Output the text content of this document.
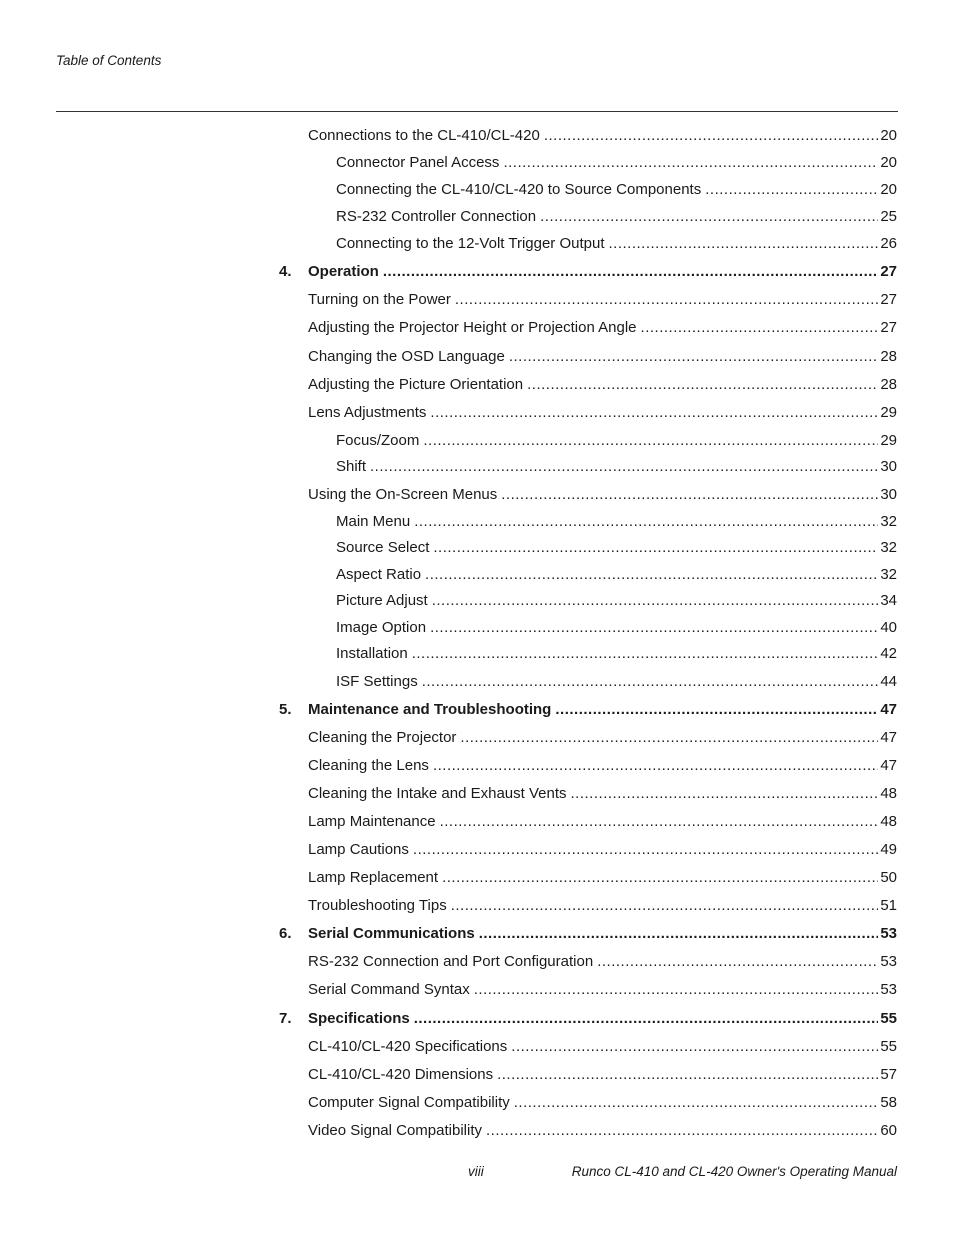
Table of Contents
Connections to the CL-410/CL-420 .....	20
Connector Panel Access .....	20
Connecting the CL-410/CL-420 to Source Components .....	20
RS-232 Controller Connection .....	25
Connecting to the 12-Volt Trigger Output .....	26
4. Operation .....	27
Turning on the Power .....	27
Adjusting the Projector Height or Projection Angle .....	27
Changing the OSD Language .....	28
Adjusting the Picture Orientation .....	28
Lens Adjustments .....	29
Focus/Zoom .....	29
Shift .....	30
Using the On-Screen Menus .....	30
Main Menu .....	32
Source Select .....	32
Aspect Ratio .....	32
Picture Adjust .....	34
Image Option .....	40
Installation .....	42
ISF Settings .....	44
5. Maintenance and Troubleshooting .....	47
Cleaning the Projector .....	47
Cleaning the Lens .....	47
Cleaning the Intake and Exhaust Vents .....	48
Lamp Maintenance .....	48
Lamp Cautions .....	49
Lamp Replacement .....	50
Troubleshooting Tips .....	51
6. Serial Communications .....	53
RS-232 Connection and Port Configuration .....	53
Serial Command Syntax .....	53
7. Specifications .....	55
CL-410/CL-420 Specifications .....	55
CL-410/CL-420 Dimensions .....	57
Computer Signal Compatibility .....	58
Video Signal Compatibility .....	60
viii	Runco CL-410 and CL-420 Owner's Operating Manual
